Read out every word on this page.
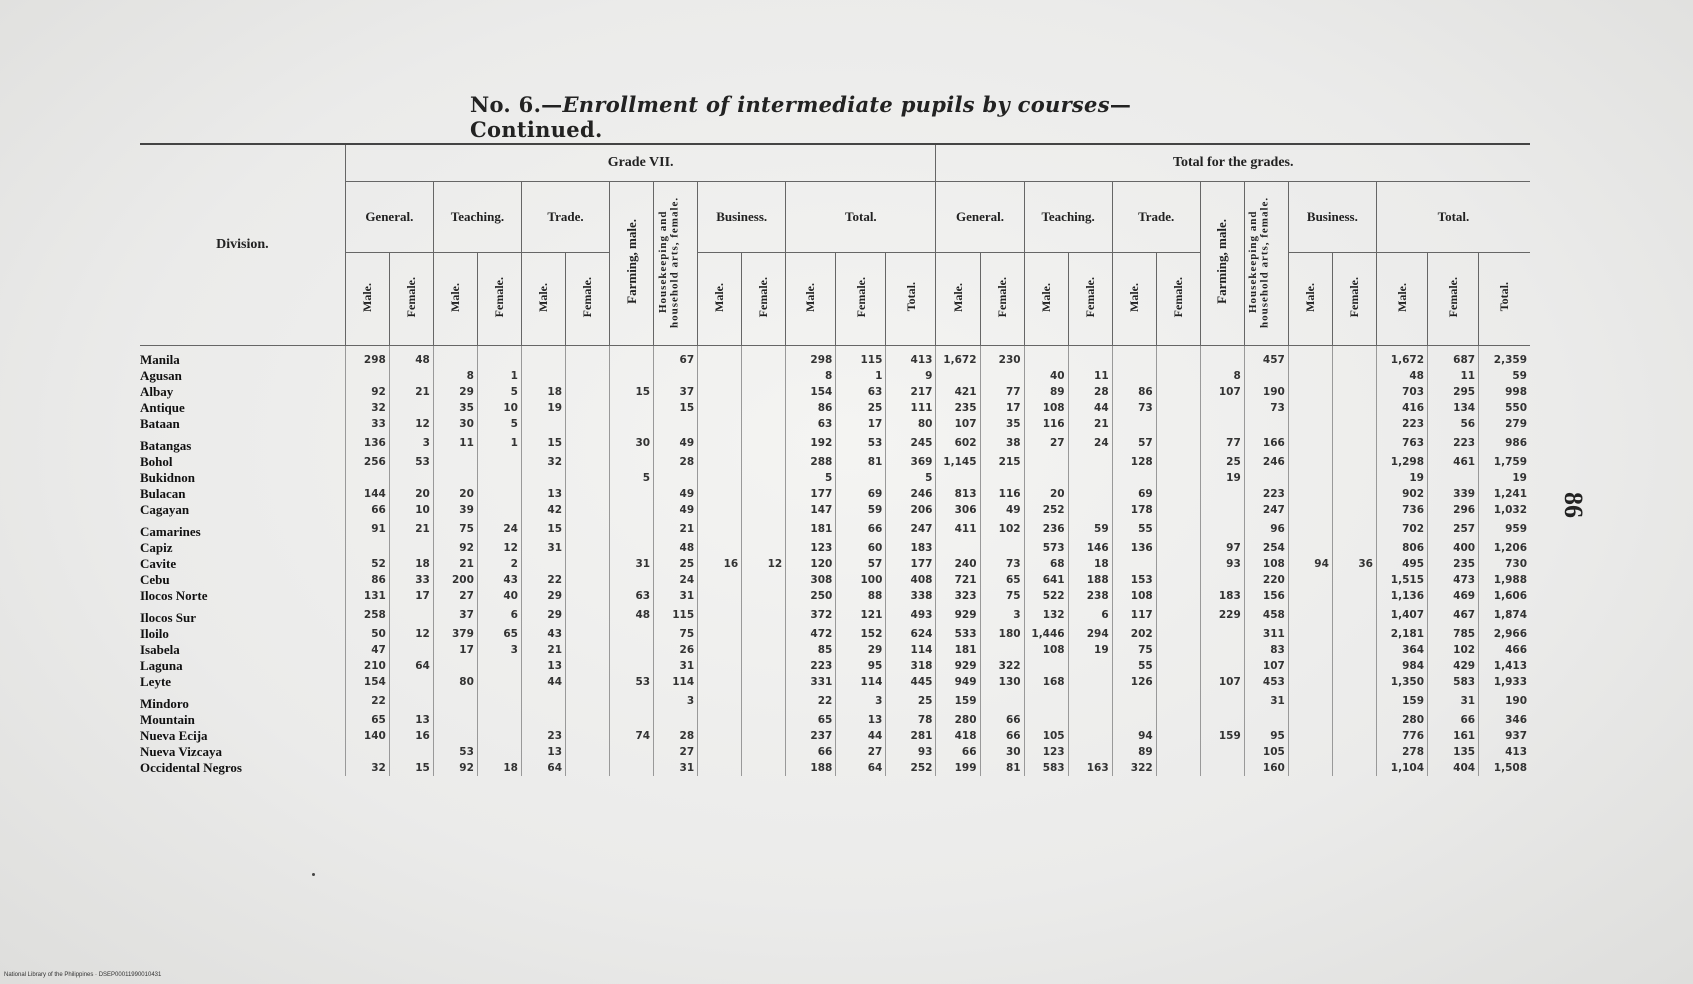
No. 6.—Enrollment of intermediate pupils by courses—Continued.
Division.	Grade VII.													Total for the grades.												
	General.		Teaching.		Trade.		Farming, male.	Housekeeping and household arts, female.	Business.		Total.			General.		Teaching.		Trade.		Farming, male.	Housekeeping and household arts, female.	Business.		Total.		
	Male.	Female.	Male.	Female.	Male.	Female.			Male.	Female.	Male.	Female.	Total.	Male.	Female.	Male.	Female.	Male.	Female.			Male.	Female.	Male.	Female.	Total.
Manila	298	48						67			298	115	413	1,672	230						457			1,672	687	2,359
Agusan			8	1							8	1	9			40	11			8				48	11	59
Albay	92	21	29	5	18		15	37			154	63	217	421	77	89	28	86		107	190			703	295	998
Antique	32		35	10	19			15			86	25	111	235	17	108	44	73			73			416	134	550
Bataan	33	12	30	5							63	17	80	107	35	116	21							223	56	279
Batangas	136	3	11	1	15		30	49			192	53	245	602	38	27	24	57		77	166			763	223	986
Bohol	256	53			32			28			288	81	369	1,145	215			128		25	246			1,298	461	1,759
Bukidnon							5				5		5							19				19		19
Bulacan	144	20	20		13			49			177	69	246	813	116	20		69			223			902	339	1,241
Cagayan	66	10	39		42			49			147	59	206	306	49	252		178			247			736	296	1,032
Camarines	91	21	75	24	15			21			181	66	247	411	102	236	59	55			96			702	257	959
Capiz			92	12	31			48			123	60	183			573	146	136		97	254			806	400	1,206
Cavite	52	18	21	2			31	25	16	12	120	57	177	240	73	68	18			93	108	94	36	495	235	730
Cebu	86	33	200	43	22			24			308	100	408	721	65	641	188	153			220			1,515	473	1,988
Ilocos Norte	131	17	27	40	29		63	31			250	88	338	323	75	522	238	108		183	156			1,136	469	1,606
Ilocos Sur	258		37	6	29		48	115			372	121	493	929	3	132	6	117		229	458			1,407	467	1,874
Iloilo	50	12	379	65	43			75			472	152	624	533	180	1,446	294	202			311			2,181	785	2,966
Isabela	47		17	3	21			26			85	29	114	181		108	19	75			83			364	102	466
Laguna	210	64			13			31			223	95	318	929	322			55			107			984	429	1,413
Leyte	154		80		44		53	114			331	114	445	949	130	168		126		107	453			1,350	583	1,933
Mindoro	22							3			22	3	25	159							31			159	31	190
Mountain	65	13									65	13	78	280	66									280	66	346
Nueva Ecija	140	16			23		74	28			237	44	281	418	66	105		94		159	95			776	161	937
Nueva Vizcaya			53		13			27			66	27	93	66	30	123		89			105			278	135	413
Occidental Negros	32	15	92	18	64			31			188	64	252	199	81	583	163	322			160			1,104	404	1,508
86
National Library of the Philippines · DSEP00011990010431
